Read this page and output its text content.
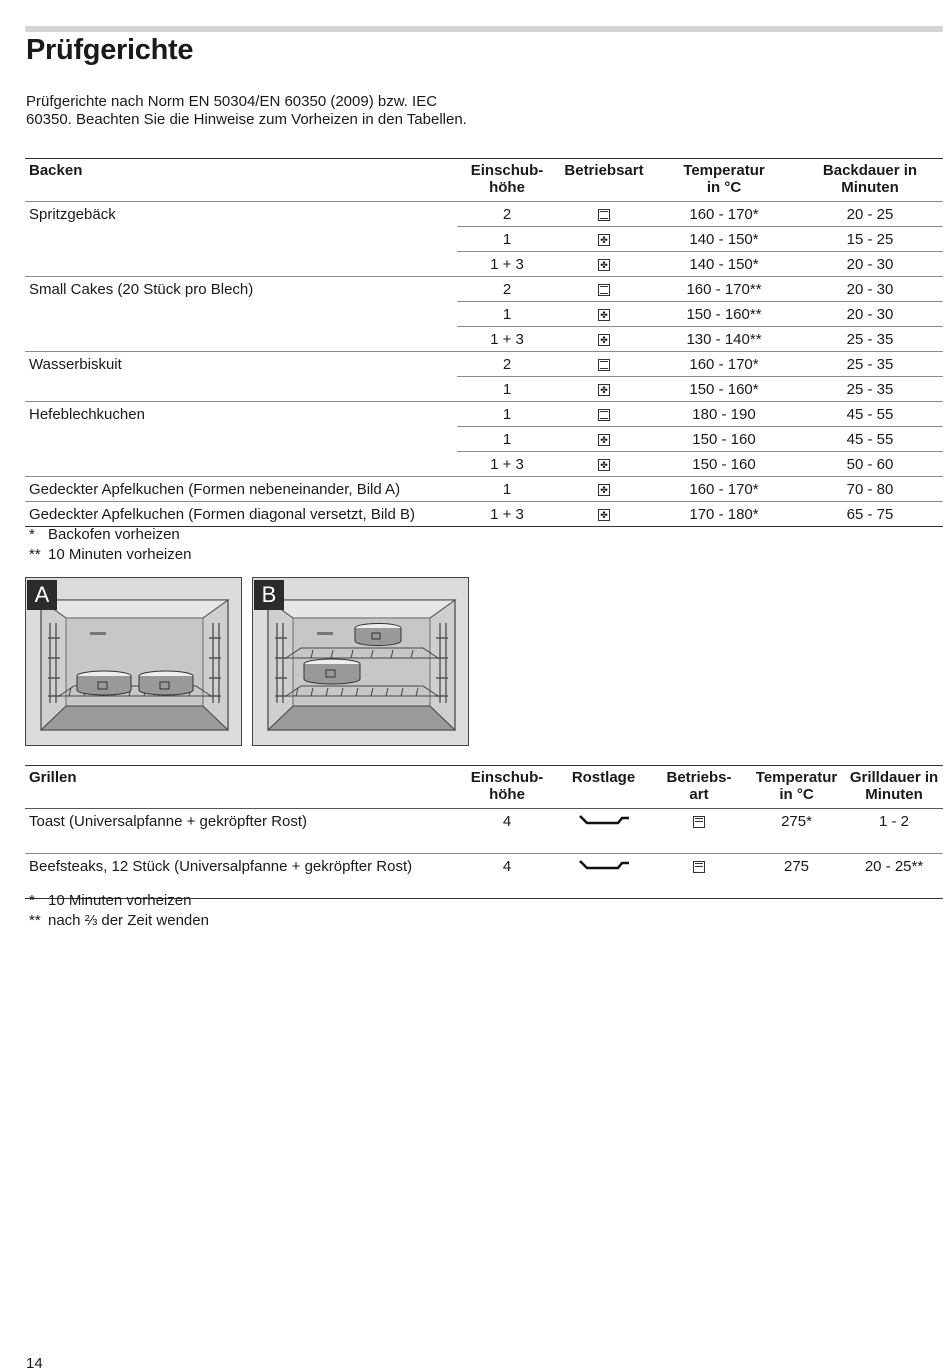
Prüfgerichte
Prüfgerichte nach Norm EN 50304/EN 60350 (2009) bzw. IEC 60350. Beachten Sie die Hinweise zum Vorheizen in den Tabellen.
Backen	Einschub-
höhe	Betriebsart	Temperatur
in °C	Backdauer in
Minuten
Spritzgebäck	2		160 - 170*	20 - 25
	1	✤	140 - 150*	15 - 25
	1 + 3	✤	140 - 150*	20 - 30
Small Cakes (20 Stück pro Blech)	2		160 - 170**	20 - 30
	1	✤	150 - 160**	20 - 30
	1 + 3	✤	130 - 140**	25 - 35
Wasserbiskuit	2		160 - 170*	25 - 35
	1	✤	150 - 160*	25 - 35
Hefeblechkuchen	1		180 - 190	45 - 55
	1	✤	150 - 160	45 - 55
	1 + 3	✤	150 - 160	50 - 60
Gedeckter Apfelkuchen (Formen nebeneinander, Bild A)	1	✤	160 - 170*	70 - 80
Gedeckter Apfelkuchen (Formen diagonal versetzt, Bild B)	1 + 3	✤	170 - 180*	65 - 75
* Backofen vorheizen
** 10 Minuten vorheizen
A	B
Grillen	Einschub-
höhe	Rostlage	Betriebs-
art	Temperatur
in °C	Grilldauer in
Minuten
Toast (Universalpfanne + gekröpfter Rost)	4			275*	1 - 2
Beefsteaks, 12 Stück (Universalpfanne + gekröpfter Rost)	4			275	20 - 25**
* 10 Minuten vorheizen
** nach ⅔ der Zeit wenden
14
